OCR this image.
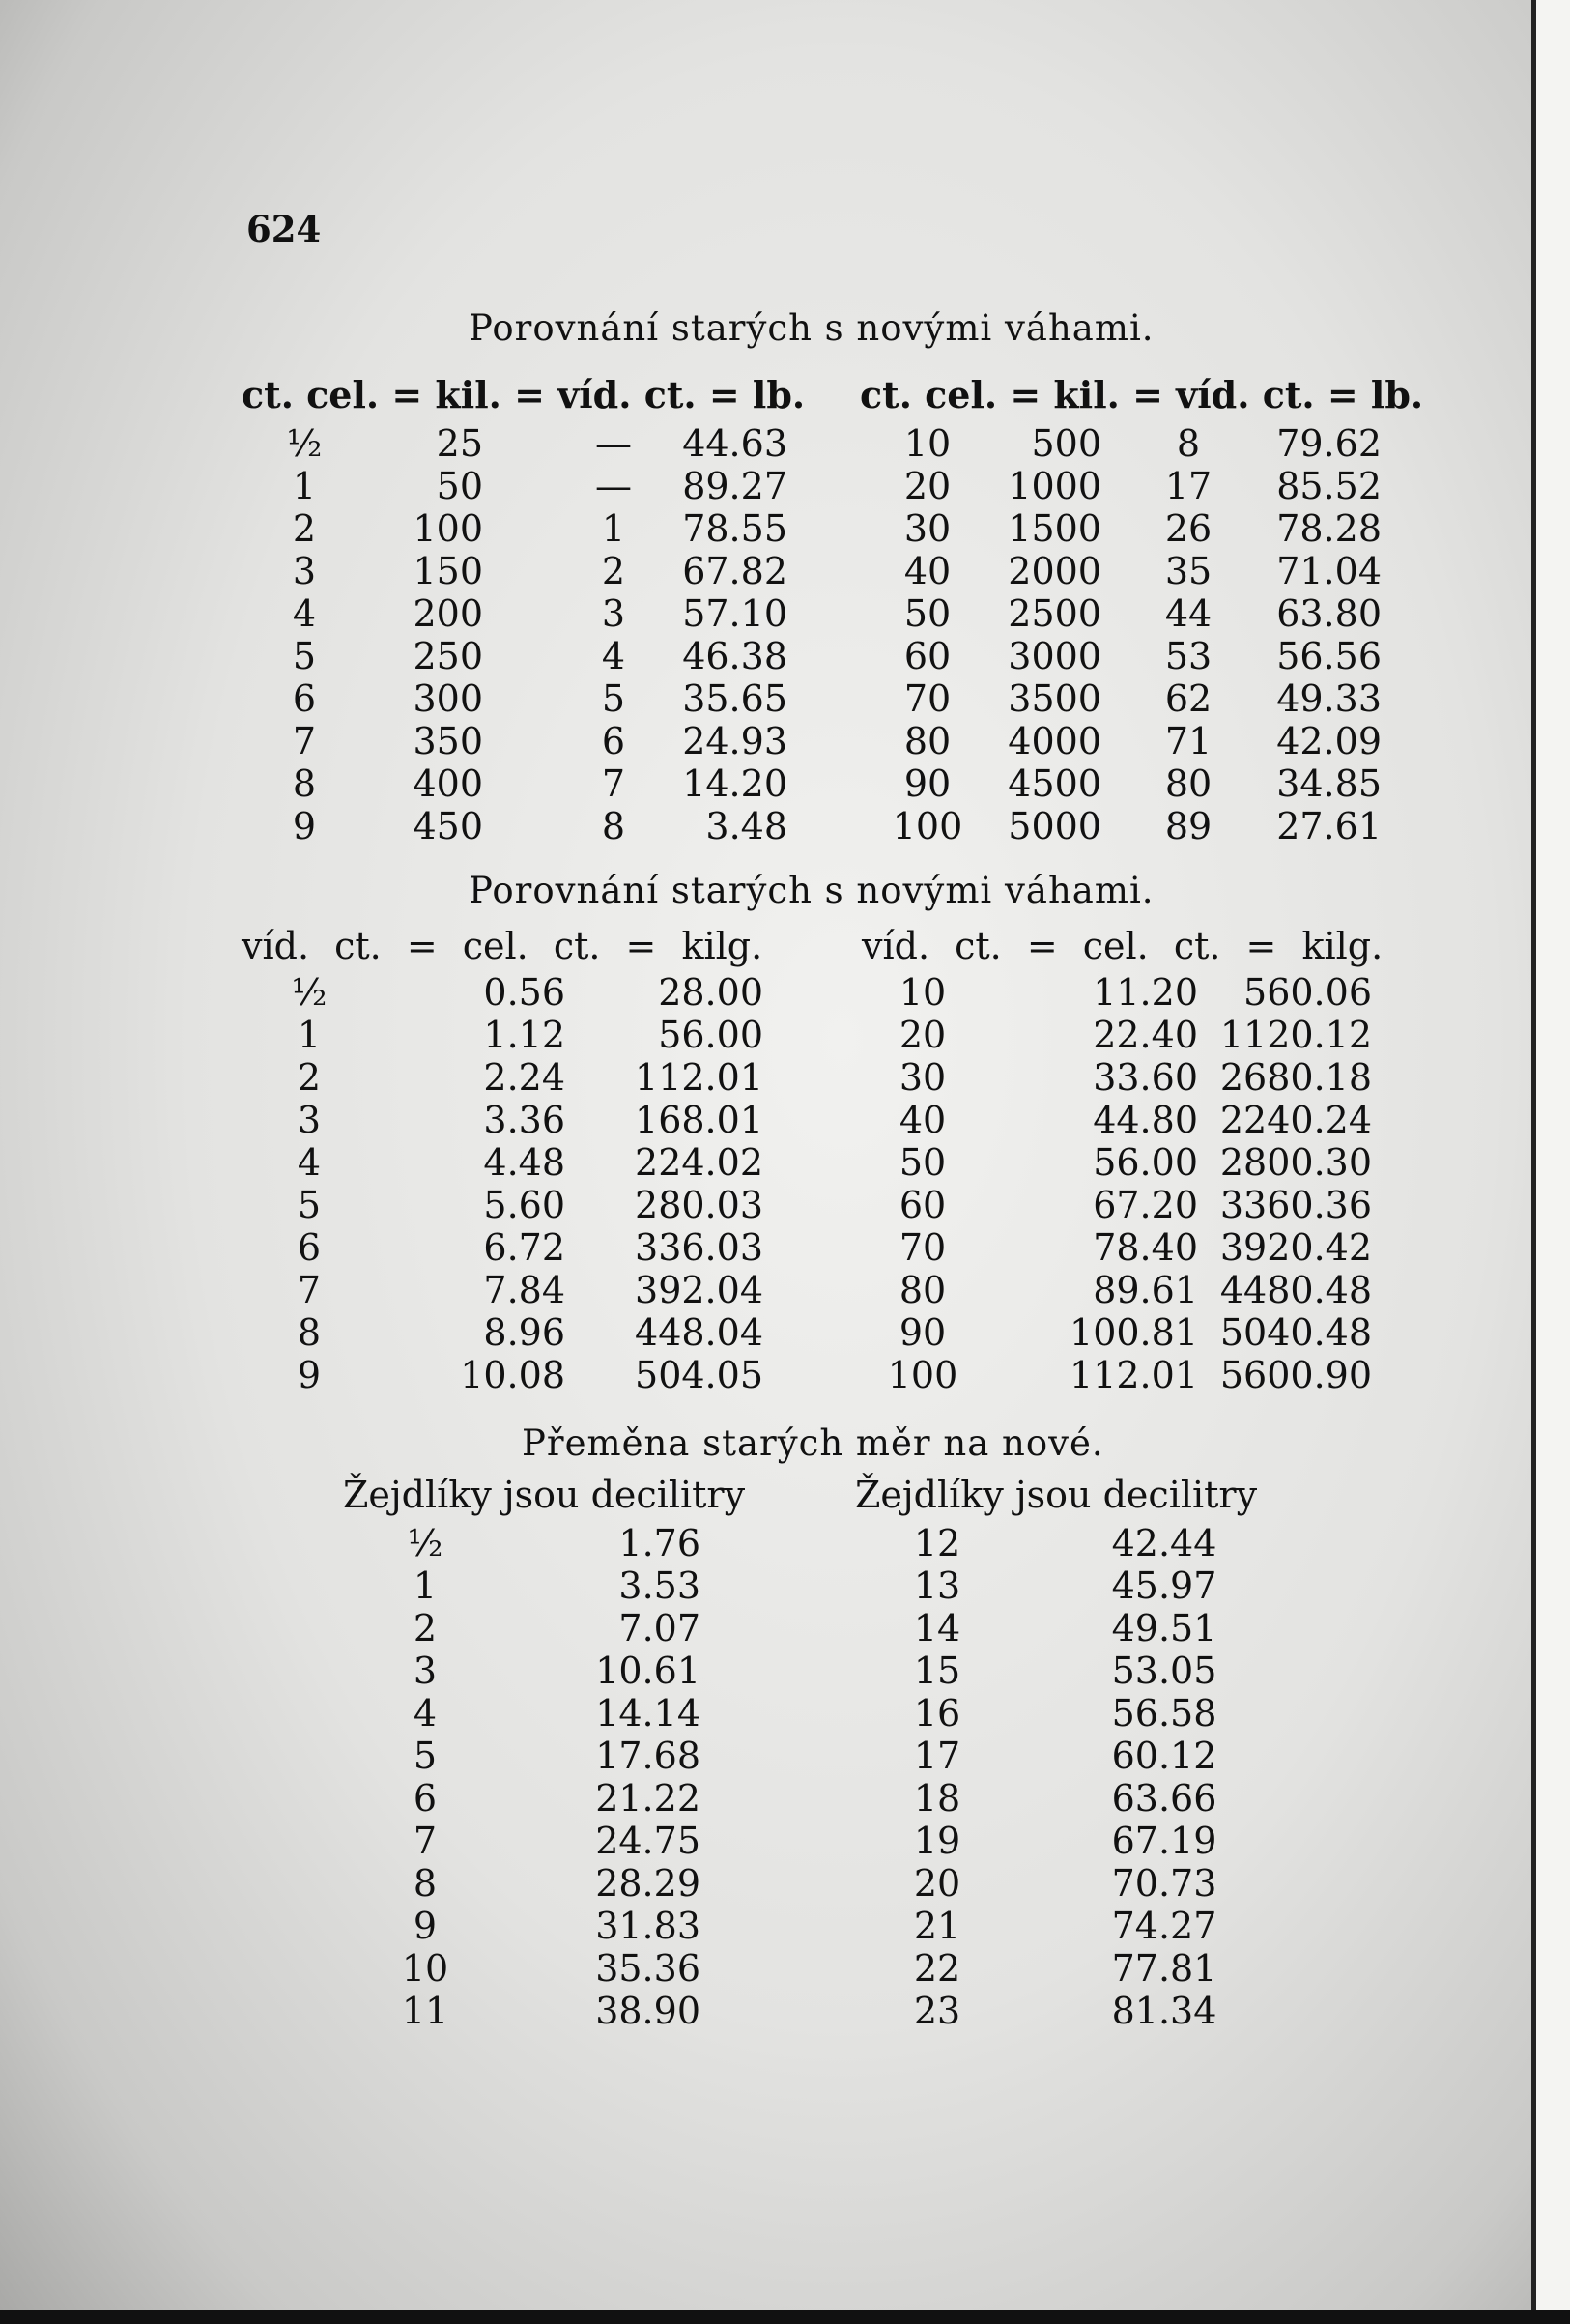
624
Porovnání starých s novými váhami.
ct. cel. = kil. = víd. ct. = lb. ct. cel. = kil. = víd. ct. = lb.
½	25	—	44.63
1	50	—	89.27
2	100	1	78.55
3	150	2	67.82
4	200	3	57.10
5	250	4	46.38
6	300	5	35.65
7	350	6	24.93
8	400	7	14.20
9	450	8	3.48
10	500	8	79.62
20	1000	17	85.52
30	1500	26	78.28
40	2000	35	71.04
50	2500	44	63.80
60	3000	53	56.56
70	3500	62	49.33
80	4000	71	42.09
90	4500	80	34.85
100	5000	89	27.61
Porovnání starých s novými váhami.
víd. ct. = cel. ct. = kilg.	víd. ct. = cel. ct. = kilg.
½	0.56	28.00
1	1.12	56.00
2	2.24	112.01
3	3.36	168.01
4	4.48	224.02
5	5.60	280.03
6	6.72	336.03
7	7.84	392.04
8	8.96	448.04
9	10.08	504.05
10	11.20	560.06
20	22.40 1120.12
30	33.60 2680.18
40	44.80 2240.24
50	56.00 2800.30
60	67.20 3360.36
70	78.40 3920.42
80	89.61 4480.48
90	100.81 5040.48
100	112.01 5600.90
Přeměna starých měr na nové.
Žejdlíky jsou decilitry	Žejdlíky jsou decilitry
½	1.76
1	3.53
2	7.07
3	10.61
4	14.14
5	17.68
6	21.22
7	24.75
8	28.29
9	31.83
10	35.36
11	38.90
12	42.44
13	45.97
14	49.51
15	53.05
16	56.58
17	60.12
18	63.66
19	67.19
20	70.73
21	74.27
22	77.81
23	81.34
